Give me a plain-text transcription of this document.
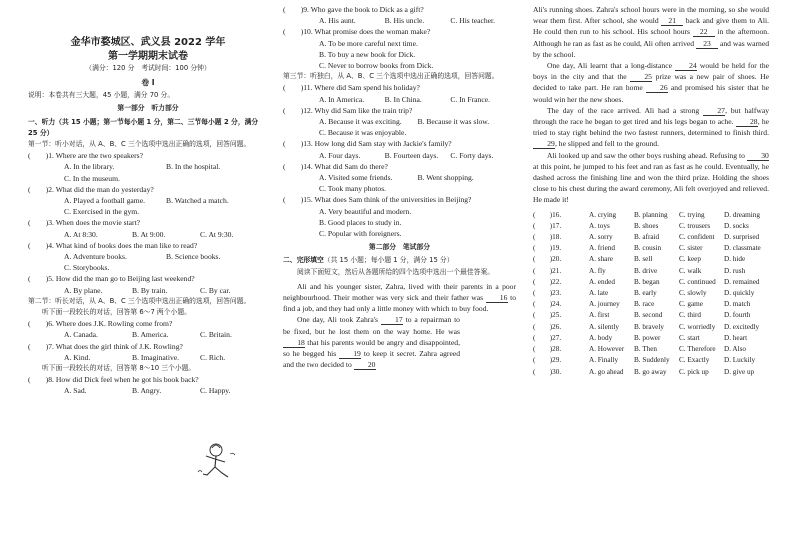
金华市婺城区、武义县 2022 学年
第一学期期末试卷
（满分：120 分　考试时间：100 分钟）
卷 Ⅰ
说明：本卷共有三大题，45 小题，满分 70 分。
第一部分　听力部分
一、听力（共 15 小题；第一节每小题 1 分，第二、三节每小题 2 分，满分 25 分）
第一节：听小对话，从 A、B、C 三个选项中选出正确的选项，回答问题。
(　　)1. Where are the two speakers?
A. In the library.	B. In the hospital.
C. In the museum.
(　　)2. What did the man do yesterday?
A. Played a football game.	B. Watched a match.
C. Exercised in the gym.
(　　)3. When does the movie start?
A. At 8:30.	B. At 9:00.	C. At 9:30.
(　　)4. What kind of books does the man like to read?
A. Adventure books.	B. Science books.
C. Storybooks.
(　　)5. How did the man go to Beijing last weekend?
A. By plane.	B. By train.	C. By car.
第二节：听长对话，从 A、B、C 三个选项中选出正确的选项，回答问题。
听下面一段较长的对话，回答第 6～7 两个小题。
(　　)6. Where does J.K. Rowling come from?
A. Canada.	B. America.	C. Britain.
(　　)7. What does the girl think of J.K. Rowling?
A. Kind.	B. Imaginative.	C. Rich.
听下面一段较长的对话，回答第 8～10 三个小题。
(　　)8. How did Dick feel when he got his book back?
A. Sad.	B. Angry.	C. Happy.
(　　)9. Who gave the book to Dick as a gift?
A. His aunt.	B. His uncle.	C. His teacher.
(　　)10. What promise does the woman make?
A. To be more careful next time.
B. To buy a new book for Dick.
C. Never to borrow books from Dick.
第三节：听独白，从 A、B、C 三个选项中选出正确的选项，回答问题。
(　　)11. Where did Sam spend his holiday?
A. In America.	B. In China.	C. In France.
(　　)12. Why did Sam like the train trip?
A. Because it was exciting.	B. Because it was slow.
C. Because it was enjoyable.
(　　)13. How long did Sam stay with Jackie's family?
A. Four days.	B. Fourteen days.	C. Forty days.
(　　)14. What did Sam do there?
A. Visited some friends.	B. Went shopping.
C. Took many photos.
(　　)15. What does Sam think of the universities in Beijing?
A. Very beautiful and modern.
B. Good places to study in.
C. Popular with foreigners.
第二部分　笔试部分
二、完形填空（共 15 小题；每小题 1 分，满分 15 分）
阅读下面短文，然后从各题所给的四个选项中选出一个最佳答案。
Ali and his younger sister, Zahra, lived with their parents in a poor neighbourhood. Their mother was very sick and their father was 16 to find a job, and they had only a little money with which to buy food.
One day, Ali took Zahra's 17 to a repairman to be fixed, but he lost them on the way home. He was 18 that his parents would be angry and disappointed, so he begged his 19 to keep it secret. Zahra agreed and the two decided to 20
Ali's running shoes. Zahra's school hours were in the morning, so she would wear them first. After school, she would 21 back and give them to Ali. He could then run to his school. His school hours 22 in the afternoon. Although he ran as fast as he could, Ali often arrived 23 and was warned by the school.
One day, Ali learnt that a long-distance 24 would be held for the boys in the city and that the 25 prize was a new pair of shoes. He decided to take part. He ran home 26 and promised his sister that he would win her the new shoes.
The day of the race arrived. Ali had a strong 27, but halfway through the race he began to get tired and his legs began to ache. 28, he tried to stay right behind the two fastest runners, determined to finish third. 29, he slipped and fell to the ground.
Ali looked up and saw the other boys rushing ahead. Refusing to 30 at this point, he jumped to his feet and ran as fast as he could. Eventually, he dashed across the finishing line and won the third prize. Holding the shoes close to his chest during the award ceremony, Ali felt overjoyed and relieved. He made it!
(　　)16.	A. crying	B. planning	C. trying	D. dreaming
(　　)17.	A. toys	B. shoes	C. trousers	D. socks
(　　)18.	A. sorry	B. afraid	C. confident	D. surprised
(　　)19.	A. friend	B. cousin	C. sister	D. classmate
(　　)20.	A. share	B. sell	C. keep	D. hide
(　　)21.	A. fly	B. drive	C. walk	D. rush
(　　)22.	A. ended	B. began	C. continued	D. remained
(　　)23.	A. late	B. early	C. slowly	D. quickly
(　　)24.	A. journey	B. race	C. game	D. match
(　　)25.	A. first	B. second	C. third	D. fourth
(　　)26.	A. silently	B. bravely	C. worriedly	D. excitedly
(　　)27.	A. body	B. power	C. start	D. heart
(　　)28.	A. However	B. Then	C. Therefore	D. Also
(　　)29.	A. Finally	B. Suddenly	C. Exactly	D. Luckily
(　　)30.	A. go ahead	B. go away	C. pick up	D. give up
